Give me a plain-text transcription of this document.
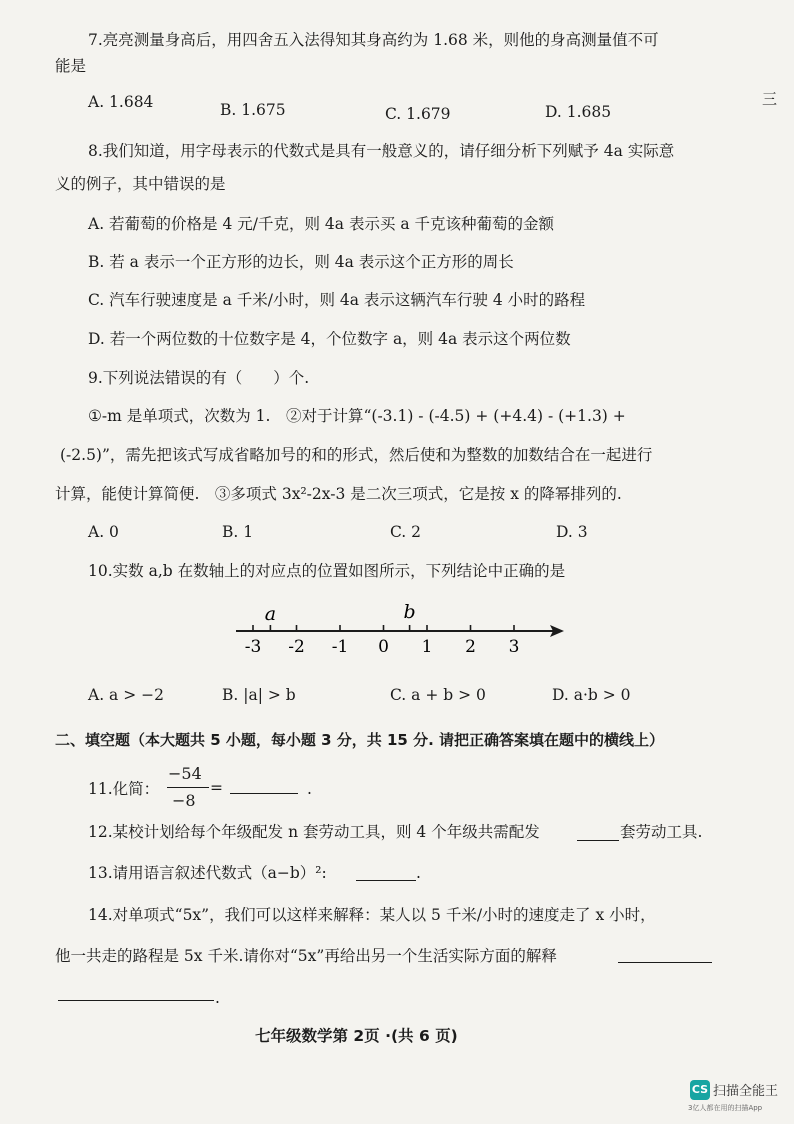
三
7.亮亮测量身高后，用四舍五入法得知其身高约为 1.68 米，则他的身高测量值不可
能是
A. 1.684	B. 1.675	C. 1.679	D. 1.685
8.我们知道，用字母表示的代数式是具有一般意义的，请仔细分析下列赋予 4a 实际意
义的例子，其中错误的是
A. 若葡萄的价格是 4 元/千克，则 4a 表示买 a 千克该种葡萄的金额
B. 若 a 表示一个正方形的边长，则 4a 表示这个正方形的周长
C. 汽车行驶速度是 a 千米/小时，则 4a 表示这辆汽车行驶 4 小时的路程
D. 若一个两位数的十位数字是 4，个位数字 a，则 4a 表示这个两位数
9.下列说法错误的有（　　）个.
①-m 是单项式，次数为 1.　②对于计算“(-3.1) - (-4.5) + (+4.4) - (+1.3) +
(-2.5)”，需先把该式写成省略加号的和的形式，然后使和为整数的加数结合在一起进行
计算，能使计算简便.　③多项式 3x²-2x-3 是二次三项式，它是按 x 的降幂排列的.
A. 0	B. 1	C. 2	D. 3
10.实数 a,b 在数轴上的对应点的位置如图所示，下列结论中正确的是
-3 -2 -1 0 1 2 3
a	b
A. a > −2	B. |a| > b	C. a + b > 0	D. a·b > 0
二、填空题（本大题共 5 小题，每小题 3 分，共 15 分. 请把正确答案填在题中的横线上）
11.化简：
−54
−8
=	.
12.某校计划给每个年级配发 n 套劳动工具，则 4 个年级共需配发	套劳动工具.
13.请用语言叙述代数式（a−b）²:	.
14.对单项式“5x”，我们可以这样来解释：某人以 5 千米/小时的速度走了 x 小时，
他一共走的路程是 5x 千米.请你对“5x”再给出另一个生活实际方面的解释
.
七年级数学第 2页 ·(共 6 页)
CS 扫描全能王
3亿人都在用的扫描App
